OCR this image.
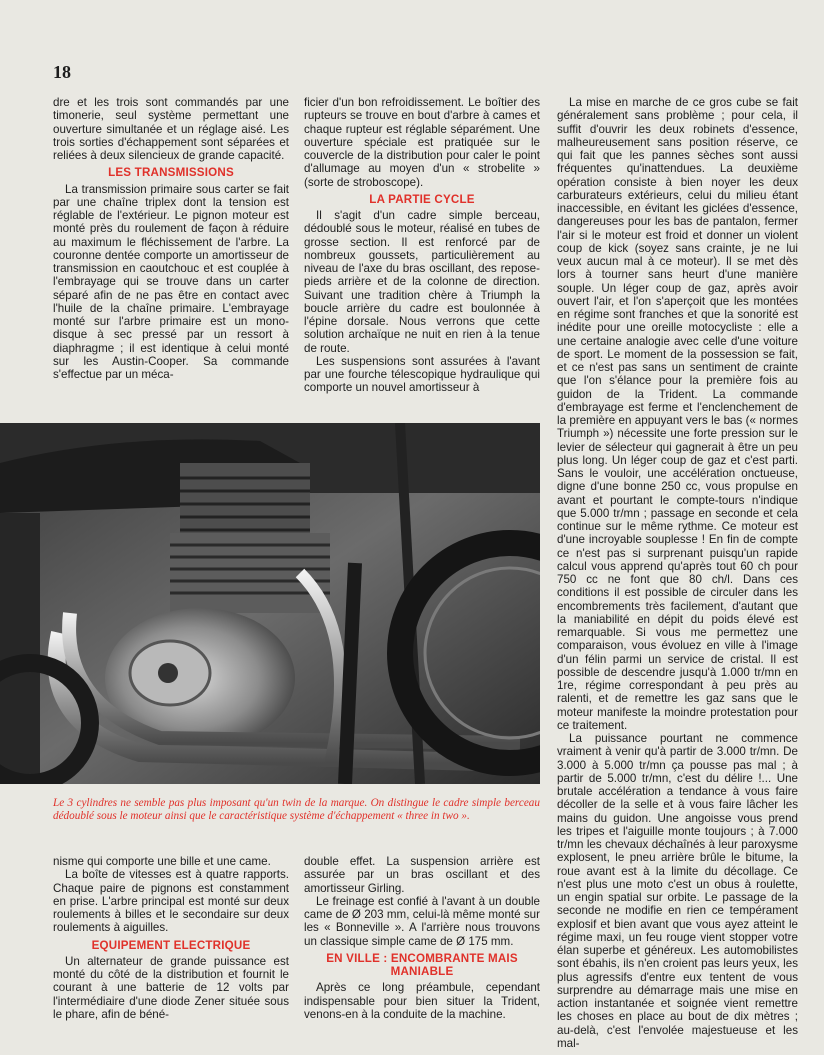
18

dre et les trois sont commandés par une timonerie, seul système permettant une ouverture simultanée et un réglage aisé. Les trois sorties d'échappement sont séparées et reliées à deux silencieux de grande capacité.

LES TRANSMISSIONS

La transmission primaire sous carter se fait par une chaîne triplex dont la tension est réglable de l'extérieur. Le pignon moteur est monté près du roulement de façon à réduire au maximum le fléchissement de l'arbre. La couronne dentée comporte un amortisseur de transmission en caoutchouc et est couplée à l'embrayage qui se trouve dans un carter séparé afin de ne pas être en contact avec l'huile de la chaîne primaire. L'embrayage monté sur l'arbre primaire est un mono-disque à sec pressé par un ressort à diaphragme ; il est identique à celui monté sur les Austin-Cooper. Sa commande s'effectue par un méca-

ficier d'un bon refroidissement. Le boîtier des rupteurs se trouve en bout d'arbre à cames et chaque rupteur est réglable séparément. Une ouverture spéciale est pratiquée sur le couvercle de la distribution pour caler le point d'allumage au moyen d'un « strobelite » (sorte de stroboscope).

LA PARTIE CYCLE

Il s'agit d'un cadre simple berceau, dédoublé sous le moteur, réalisé en tubes de grosse section. Il est renforcé par de nombreux goussets, particulièrement au niveau de l'axe du bras oscillant, des repose-pieds arrière et de la colonne de direction. Suivant une tradition chère à Triumph la boucle arrière du cadre est boulonnée à l'épine dorsale. Nous verrons que cette solution archaïque ne nuit en rien à la tenue de route.

Les suspensions sont assurées à l'avant par une fourche télescopique hydraulique qui comporte un nouvel amortisseur à

La mise en marche de ce gros cube se fait généralement sans problème ; pour cela, il suffit d'ouvrir les deux robinets d'essence, malheureusement sans position réserve, ce qui fait que les pannes sèches sont aussi fréquentes qu'inattendues. La deuxième opération consiste à bien noyer les deux carburateurs extérieurs, celui du milieu étant inaccessible, en évitant les giclées d'essence, dangereuses pour les bas de pantalon, fermer l'air si le moteur est froid et donner un violent coup de kick (soyez sans crainte, je ne lui veux aucun mal à ce moteur). Il se met dès lors à tourner sans heurt d'une manière souple. Un léger coup de gaz, après avoir ouvert l'air, et l'on s'aperçoit que les montées en régime sont franches et que la sonorité est inédite pour une oreille motocycliste : elle a une certaine analogie avec celle d'une voiture de sport. Le moment de la possession se fait, et ce n'est pas sans un sentiment de crainte que l'on s'élance pour la première fois au guidon de la Trident. La commande d'embrayage est ferme et l'enclenchement de la première en appuyant vers le bas (« normes Triumph ») nécessite une forte pression sur le levier de sélecteur qui gagnerait à être un peu plus long. Un léger coup de gaz et c'est parti. Sans le vouloir, une accélération onctueuse, digne d'une bonne 250 cc, vous propulse en avant et pourtant le compte-tours n'indique que 5.000 tr/mn ; passage en seconde et cela continue sur le même rythme. Ce moteur est d'une incroyable souplesse ! En fin de compte ce n'est pas si surprenant puisqu'un rapide calcul vous apprend qu'après tout 60 ch pour 750 cc ne font que 80 ch/l. Dans ces conditions il est possible de circuler dans les encombrements très facilement, d'autant que la maniabilité en dépit du poids élevé est remarquable. Si vous me permettez une comparaison, vous évoluez en ville à l'image d'un félin parmi un service de cristal. Il est possible de descendre jusqu'à 1.000 tr/mn en 1re, régime correspondant à peu près au ralenti, et de remettre les gaz sans que le moteur manifeste la moindre protestation pour ce traitement.

La puissance pourtant ne commence vraiment à venir qu'à partir de 3.000 tr/mn. De 3.000 à 5.000 tr/mn ça pousse pas mal ; à partir de 5.000 tr/mn, c'est du délire !... Une brutale accélération a tendance à vous faire décoller de la selle et à vous faire lâcher les mains du guidon. Une angoisse vous prend les tripes et l'aiguille monte toujours ; à 7.000 tr/mn les chevaux déchaînés à leur paroxysme explosent, le pneu arrière brûle le bitume, la roue avant est à la limite du décollage. Ce n'est plus une moto c'est un obus à roulette, un engin spatial sur orbite. Le passage de la seconde ne modifie en rien ce tempérament explosif et bien avant que vous ayez atteint le régime maxi, un feu rouge vient stopper votre élan superbe et généreux. Les automobilistes sont ébahis, ils n'en croient pas leurs yeux, les plus agressifs d'entre eux tentent de vous surprendre au démarrage mais une mise en action instantanée et soignée vient remettre les choses en place au bout de dix mètres ; au-delà, c'est l'envolée majestueuse et les mal-

Le 3 cylindres ne semble pas plus imposant qu'un twin de la marque. On distingue le cadre simple berceau dédoublé sous le moteur ainsi que le caractéristique système d'échappement « three in two ».

nisme qui comporte une bille et une came.

La boîte de vitesses est à quatre rapports. Chaque paire de pignons est constamment en prise. L'arbre principal est monté sur deux roulements à billes et le secondaire sur deux roulements à aiguilles.

EQUIPEMENT ELECTRIQUE

Un alternateur de grande puissance est monté du côté de la distribution et fournit le courant à une batterie de 12 volts par l'intermédiaire d'une diode Zener située sous le phare, afin de béné-

double effet. La suspension arrière est assurée par un bras oscillant et des amortisseur Girling.

Le freinage est confié à l'avant à un double came de Ø 203 mm, celui-là même monté sur les « Bonneville ». A l'arrière nous trouvons un classique simple came de Ø 175 mm.

EN VILLE : ENCOMBRANTE MAIS MANIABLE

Après ce long préambule, cependant indispensable pour bien situer la Trident, venons-en à la conduite de la machine.
